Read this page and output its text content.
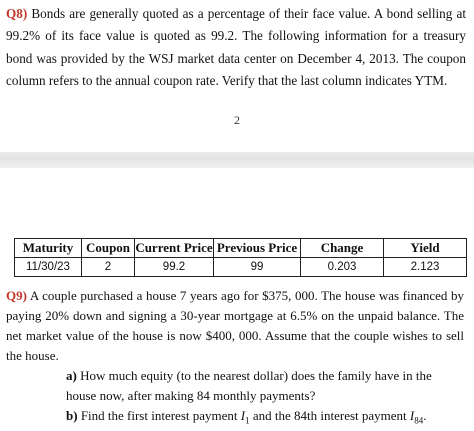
Q8) Bonds are generally quoted as a percentage of their face value. A bond selling at 99.2% of its face value is quoted as 99.2. The following information for a treasury bond was provided by the WSJ market data center on December 4, 2013. The coupon column refers to the annual coupon rate. Verify that the last column indicates YTM.
2
Maturity	Coupon	Current Price	Previous Price	Change	Yield
11/30/23	2	99.2	99	0.203	2.123
Q9) A couple purchased a house 7 years ago for $375, 000. The house was financed by paying 20% down and signing a 30-year mortgage at 6.5% on the unpaid balance. The net market value of the house is now $400, 000. Assume that the couple wishes to sell the house.
a) How much equity (to the nearest dollar) does the family have in the house now, after making 84 monthly payments?
b) Find the first interest payment $I_1$ and the 84th interest payment $I_{84}$.
